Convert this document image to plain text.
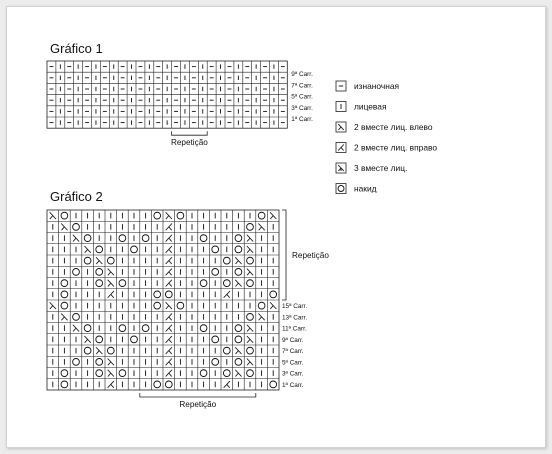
Gráfico 1
Gráfico 2
9ª Carr.
7ª Carr.
5ª Carr.
3ª Carr.
1ª Carr.
Repetição
15ª Carr.
13ª Carr.
11ª Carr.
9ª Carr.
7ª Carr.
5ª Carr.
3ª Carr.
1ª Carr.
Repetição
Repetição
изнаночная
лицевая
2 вместе лиц. влево
2 вместе лиц. вправо
3 вместе лиц.
накид
